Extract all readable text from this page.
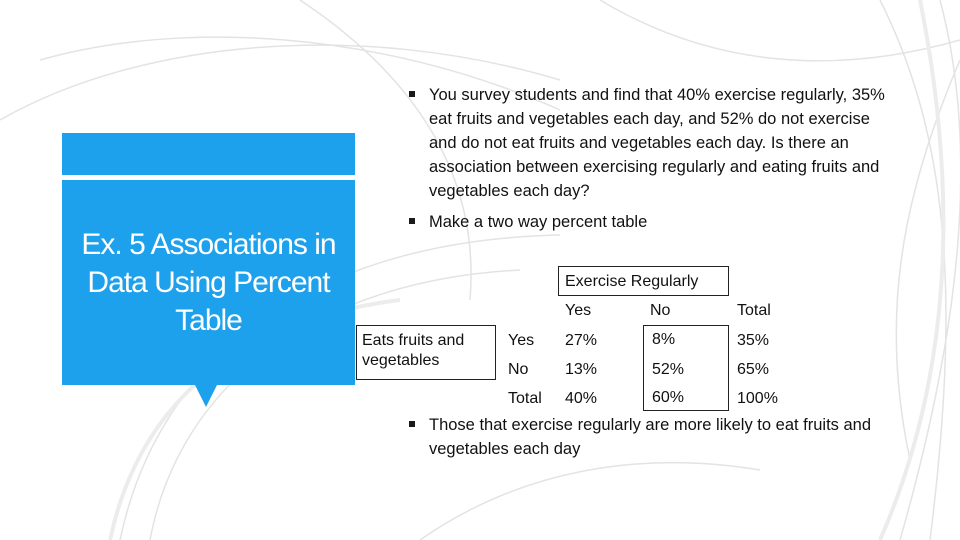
Ex. 5 Associations in Data Using Percent Table
You survey students and find that 40% exercise regularly, 35% eat fruits and vegetables each day, and 52% do not exercise and do not eat fruits and vegetables each day. Is there an association between exercising regularly and eating fruits and vegetables each day?
Make a two way percent table
Exercise Regularly
Yes	No	Total
Eats fruits and vegetables
Yes 27%	8%	35%
No 13%	52%	65%
Total 40%	60%	100%
Those that exercise regularly are more likely to eat fruits and vegetables each day
